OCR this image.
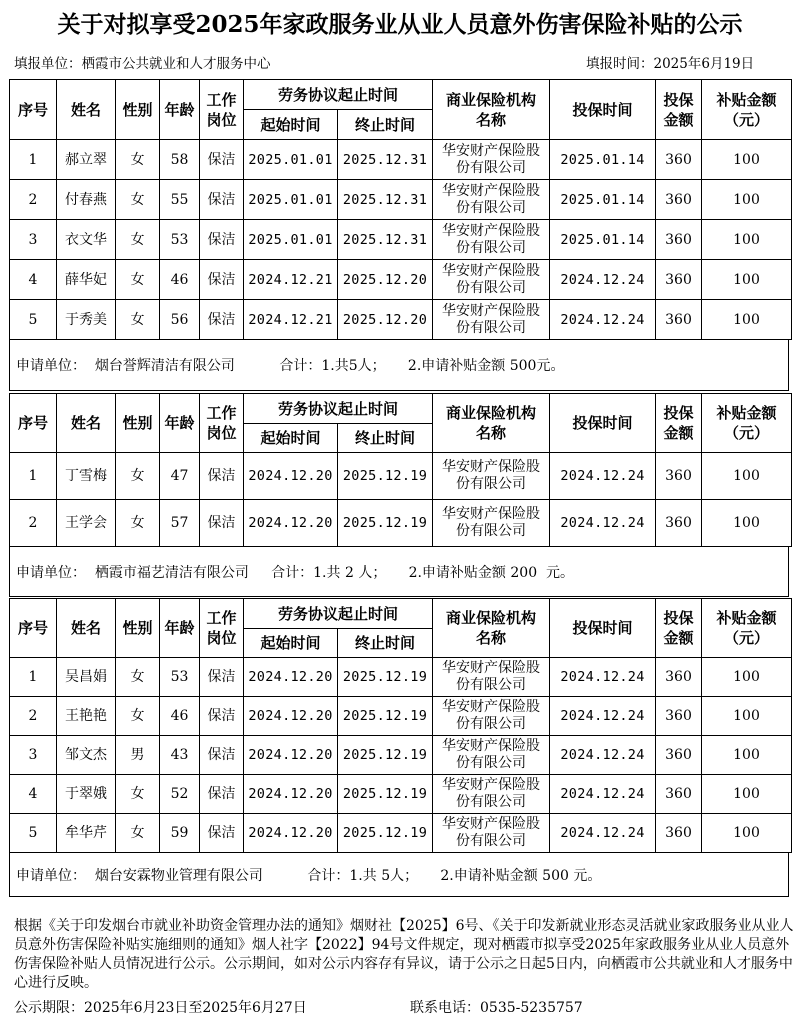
关于对拟享受2025年家政服务业从业人员意外伤害保险补贴的公示
填报单位：栖霞市公共就业和人才服务中心	填报时间：2025年6月19日
序号	姓名	性别	年龄	工作岗位	劳务协议起止时间		商业保险机构名称	投保时间	投保金额	补贴金额（元）
					起始时间	终止时间				
1	郝立翠	女	58	保洁	2025.01.01	2025.12.31	华安财产保险股份有限公司	2025.01.14	360	100
2	付春燕	女	55	保洁	2025.01.01	2025.12.31	华安财产保险股份有限公司	2025.01.14	360	100
3	衣文华	女	53	保洁	2025.01.01	2025.12.31	华安财产保险股份有限公司	2025.01.14	360	100
4	薛华妃	女	46	保洁	2024.12.21	2025.12.20	华安财产保险股份有限公司	2024.12.24	360	100
5	于秀美	女	56	保洁	2024.12.21	2025.12.20	华安财产保险股份有限公司	2024.12.24	360	100
申请单位：  烟台誉辉清洁有限公司          合计：1.共5人；     2.申请补贴金额 500元。
序号	姓名	性别	年龄	工作岗位	劳务协议起止时间		商业保险机构名称	投保时间	投保金额	补贴金额（元）
					起始时间	终止时间				
1	丁雪梅	女	47	保洁	2024.12.20	2025.12.19	华安财产保险股份有限公司	2024.12.24	360	100
2	王学会	女	57	保洁	2024.12.20	2025.12.19	华安财产保险股份有限公司	2024.12.24	360	100
申请单位：  栖霞市福艺清洁有限公司     合计：1.共 2 人；     2.申请补贴金额 200  元。
序号	姓名	性别	年龄	工作岗位	劳务协议起止时间		商业保险机构名称	投保时间	投保金额	补贴金额（元）
					起始时间	终止时间				
1	吴昌娟	女	53	保洁	2024.12.20	2025.12.19	华安财产保险股份有限公司	2024.12.24	360	100
2	王艳艳	女	46	保洁	2024.12.20	2025.12.19	华安财产保险股份有限公司	2024.12.24	360	100
3	邹文杰	男	43	保洁	2024.12.20	2025.12.19	华安财产保险股份有限公司	2024.12.24	360	100
4	于翠娥	女	52	保洁	2024.12.20	2025.12.19	华安财产保险股份有限公司	2024.12.24	360	100
5	牟华芹	女	59	保洁	2024.12.20	2025.12.19	华安财产保险股份有限公司	2024.12.24	360	100
申请单位：  烟台安霖物业管理有限公司          合计：1.共 5人；     2.申请补贴金额 500 元。
根据《关于印发烟台市就业补助资金管理办法的通知》烟财社【2025】6号、《关于印发新就业形态灵活就业家政服务业从业人员意外伤害保险补贴实施细则的通知》烟人社字【2022】94号文件规定，现对栖霞市拟享受2025年家政服务业从业人员意外伤害保险补贴人员情况进行公示。公示期间，如对公示内容存有异议，请于公示之日起5日内，向栖霞市公共就业和人才服务中心进行反映。
公示期限：2025年6月23日至2025年6月27日	联系电话：0535-5235757
